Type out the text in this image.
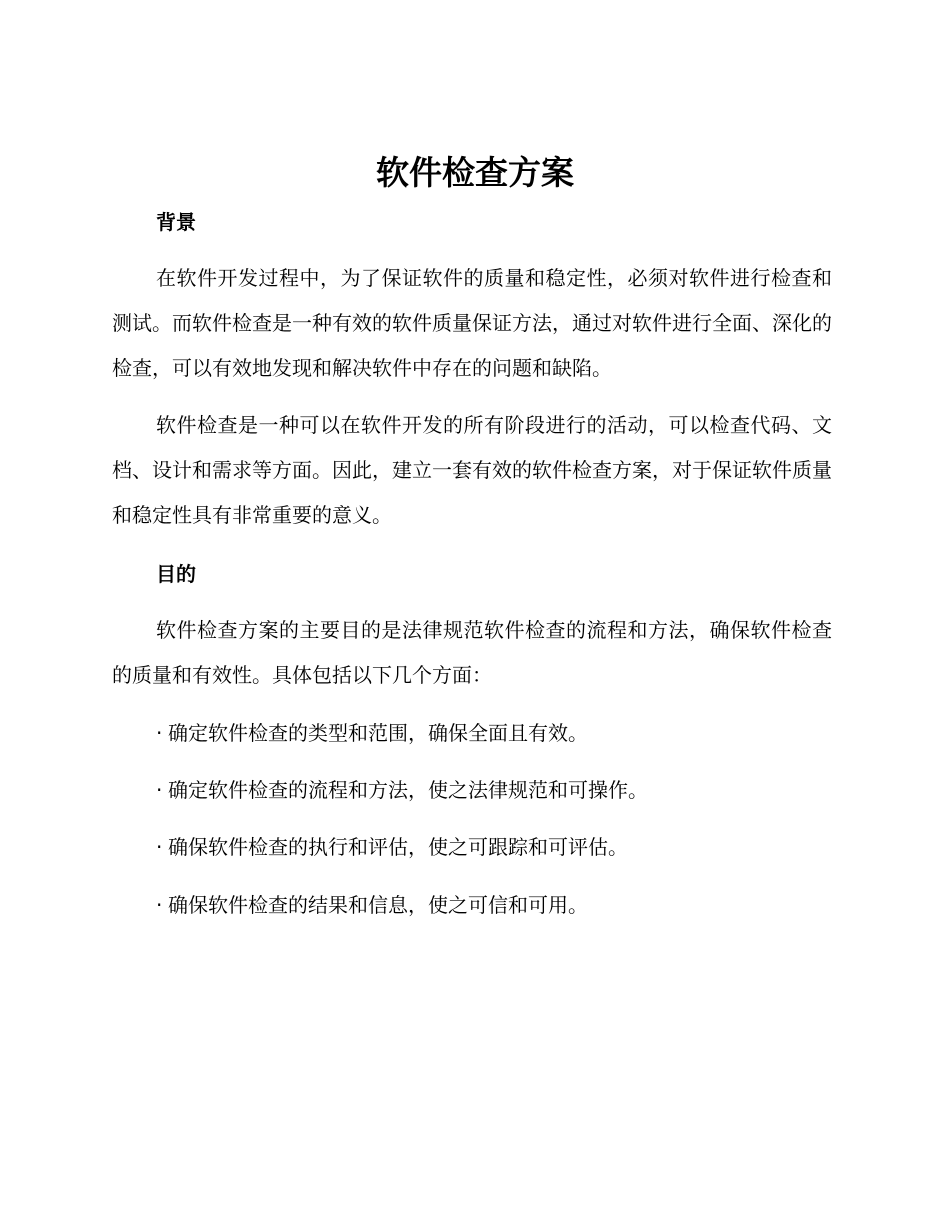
软件检查方案
背景

在软件开发过程中，为了保证软件的质量和稳定性，必须对软件进行检查和测试。而软件检查是一种有效的软件质量保证方法，通过对软件进行全面、深化的检查，可以有效地发现和解决软件中存在的问题和缺陷。

软件检查是一种可以在软件开发的所有阶段进行的活动，可以检查代码、文档、设计和需求等方面。因此，建立一套有效的软件检查方案，对于保证软件质量和稳定性具有非常重要的意义。

目的

软件检查方案的主要目的是法律规范软件检查的流程和方法，确保软件检查的质量和有效性。具体包括以下几个方面：

· 确定软件检查的类型和范围，确保全面且有效。
· 确定软件检查的流程和方法，使之法律规范和可操作。
· 确保软件检查的执行和评估，使之可跟踪和可评估。
· 确保软件检查的结果和信息，使之可信和可用。
